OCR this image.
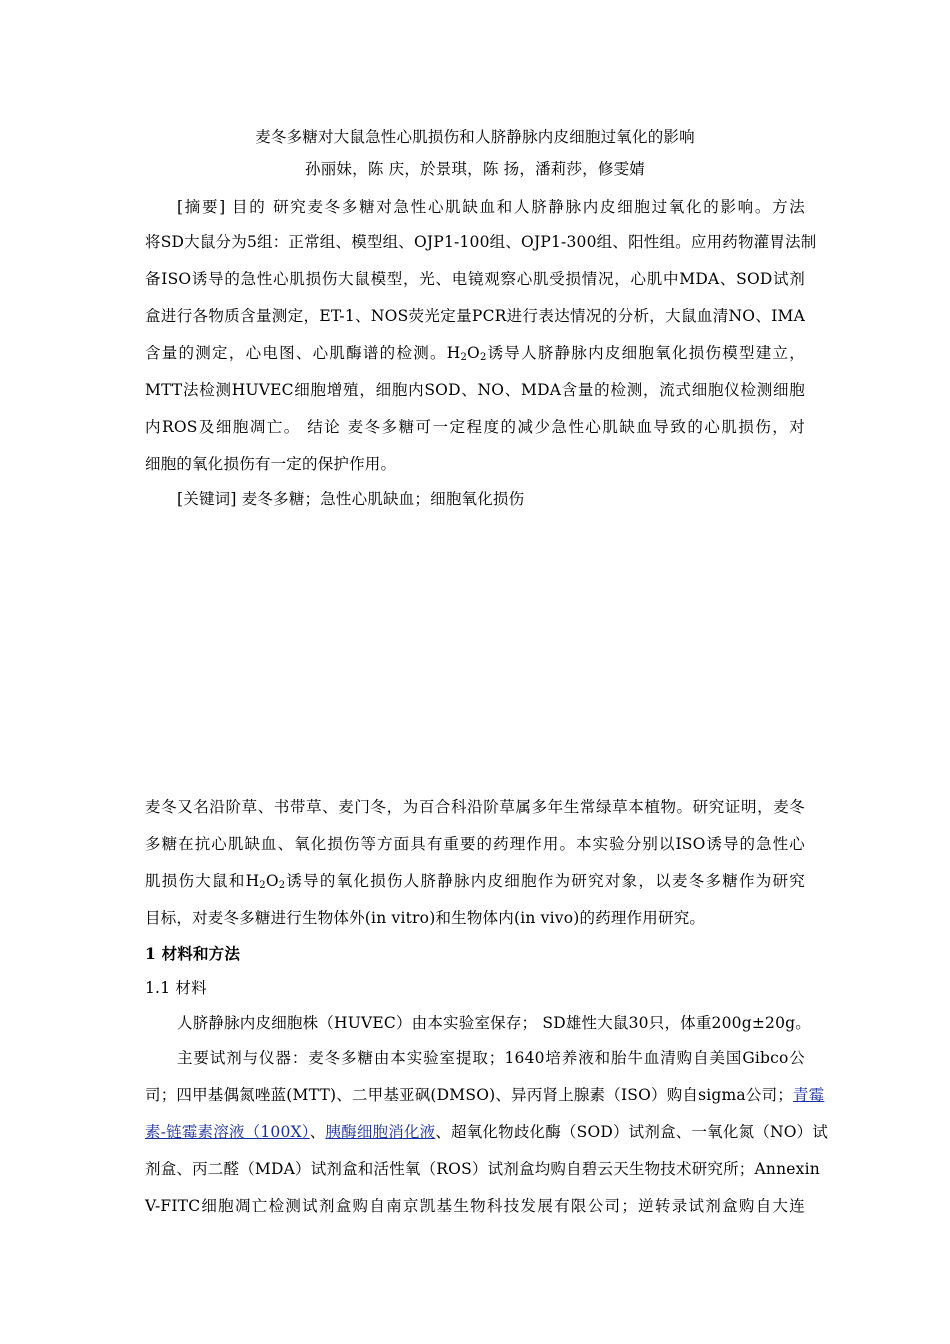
麦冬多糖对大鼠急性心肌损伤和人脐静脉内皮细胞过氧化的影响
孙丽妹，陈 庆，於景琪，陈 扬，潘莉莎，修雯婧
[摘要] 目的 研究麦冬多糖对急性心肌缺血和人脐静脉内皮细胞过氧化的影响。方法
将SD大鼠分为5组：正常组、模型组、OJP1-100组、OJP1-300组、阳性组。应用药物灌胃法制
备ISO诱导的急性心肌损伤大鼠模型，光、电镜观察心肌受损情况，心肌中MDA、SOD试剂
盒进行各物质含量测定，ET-1、NOS荧光定量PCR进行表达情况的分析，大鼠血清NO、IMA
含量的测定，心电图、心肌酶谱的检测。$H_2O_2$诱导人脐静脉内皮细胞氧化损伤模型建立，
MTT法检测HUVEC细胞增殖，细胞内SOD、NO、MDA含量的检测，流式细胞仪检测细胞
内ROS及细胞凋亡。 结论 麦冬多糖可一定程度的减少急性心肌缺血导致的心肌损伤，对
细胞的氧化损伤有一定的保护作用。
[关键词] 麦冬多糖；急性心肌缺血；细胞氧化损伤
麦冬又名沿阶草、书带草、麦门冬，为百合科沿阶草属多年生常绿草本植物。研究证明，麦冬
多糖在抗心肌缺血、氧化损伤等方面具有重要的药理作用。本实验分别以ISO诱导的急性心
肌损伤大鼠和$H_2O_2$诱导的氧化损伤人脐静脉内皮细胞作为研究对象，以麦冬多糖作为研究
目标，对麦冬多糖进行生物体外(in vitro)和生物体内(in vivo)的药理作用研究。
1 材料和方法
1.1 材料
人脐静脉内皮细胞株（HUVEC）由本实验室保存； SD雄性大鼠30只，体重200g±20g。
主要试剂与仪器：麦冬多糖由本实验室提取；1640培养液和胎牛血清购自美国Gibco公
司；四甲基偶氮唑蓝(MTT)、二甲基亚砜(DMSO)、异丙肾上腺素（ISO）购自sigma公司；青霉
素-链霉素溶液（100X）、胰酶细胞消化液、超氧化物歧化酶（SOD）试剂盒、一氧化氮（NO）试
剂盒、丙二醛（MDA）试剂盒和活性氧（ROS）试剂盒均购自碧云天生物技术研究所；Annexin
V-FITC细胞凋亡检测试剂盒购自南京凯基生物科技发展有限公司；逆转录试剂盒购自大连
